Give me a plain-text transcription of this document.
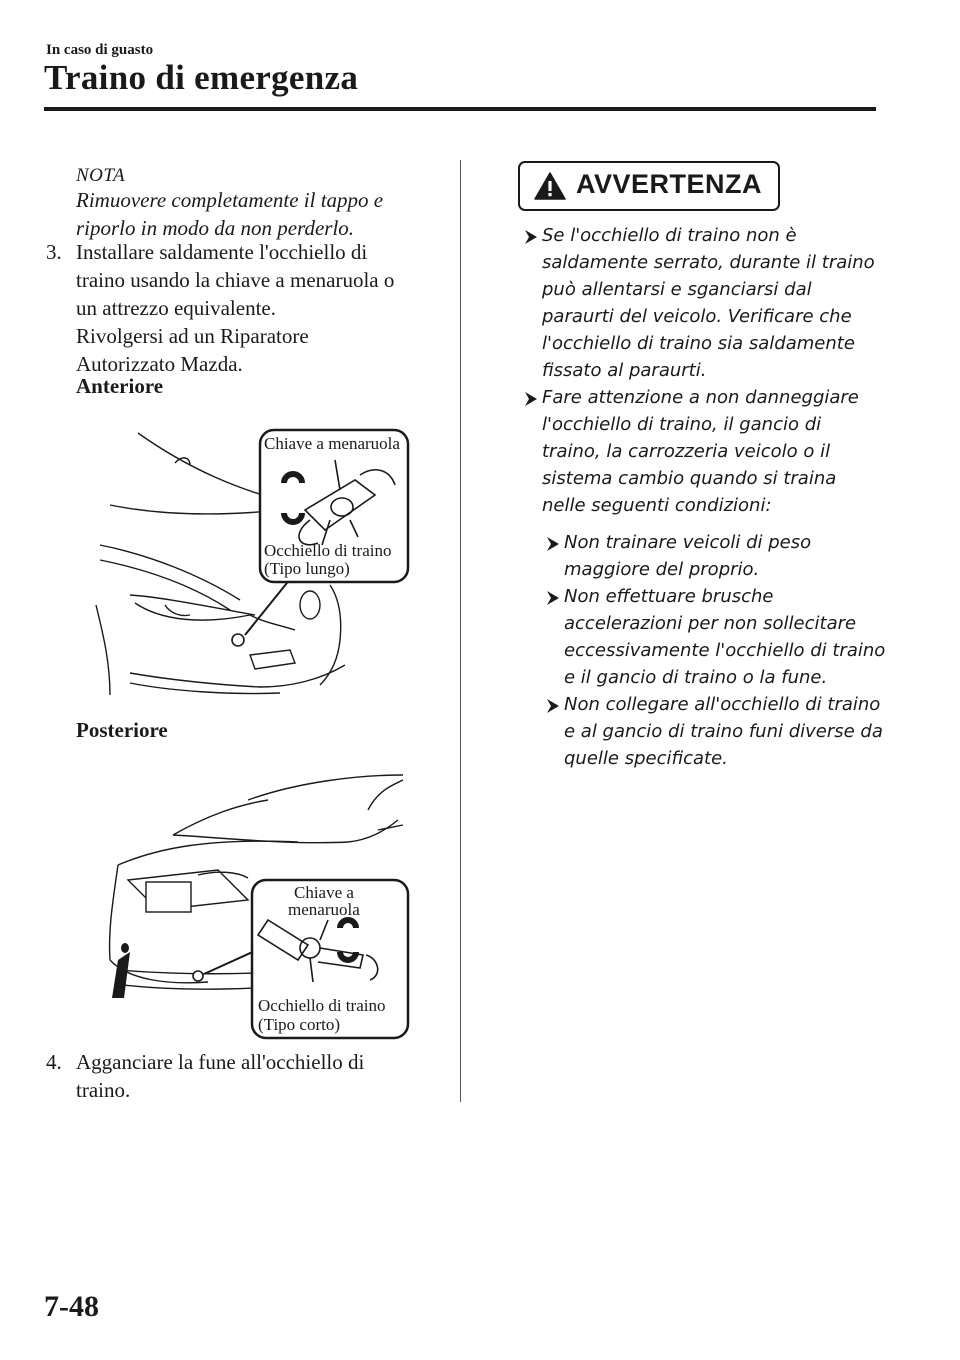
In caso di guasto
Traino di emergenza
NOTA
Rimuovere completamente il tappo e
riporlo in modo da non perderlo.
3. Installare saldamente l'occhiello di
traino usando la chiave a menaruola o
un attrezzo equivalente.
Rivolgersi ad un Riparatore
Autorizzato Mazda.
Anteriore
Chiave a menaruola
Occhiello di traino
(Tipo lungo)
Posteriore
Chiave a
menaruola
Occhiello di traino
(Tipo corto)
4. Agganciare la fune all'occhiello di
traino.
AVVERTENZA
Se l'occhiello di traino non è
saldamente serrato, durante il traino
può allentarsi e sganciarsi dal
paraurti del veicolo. Verificare che
l'occhiello di traino sia saldamente
fissato al paraurti.
Fare attenzione a non danneggiare
l'occhiello di traino, il gancio di
traino, la carrozzeria veicolo o il
sistema cambio quando si traina
nelle seguenti condizioni:
Non trainare veicoli di peso
maggiore del proprio.
Non effettuare brusche
accelerazioni per non sollecitare
eccessivamente l'occhiello di traino
e il gancio di traino o la fune.
Non collegare all'occhiello di traino
e al gancio di traino funi diverse da
quelle specificate.
7-48
